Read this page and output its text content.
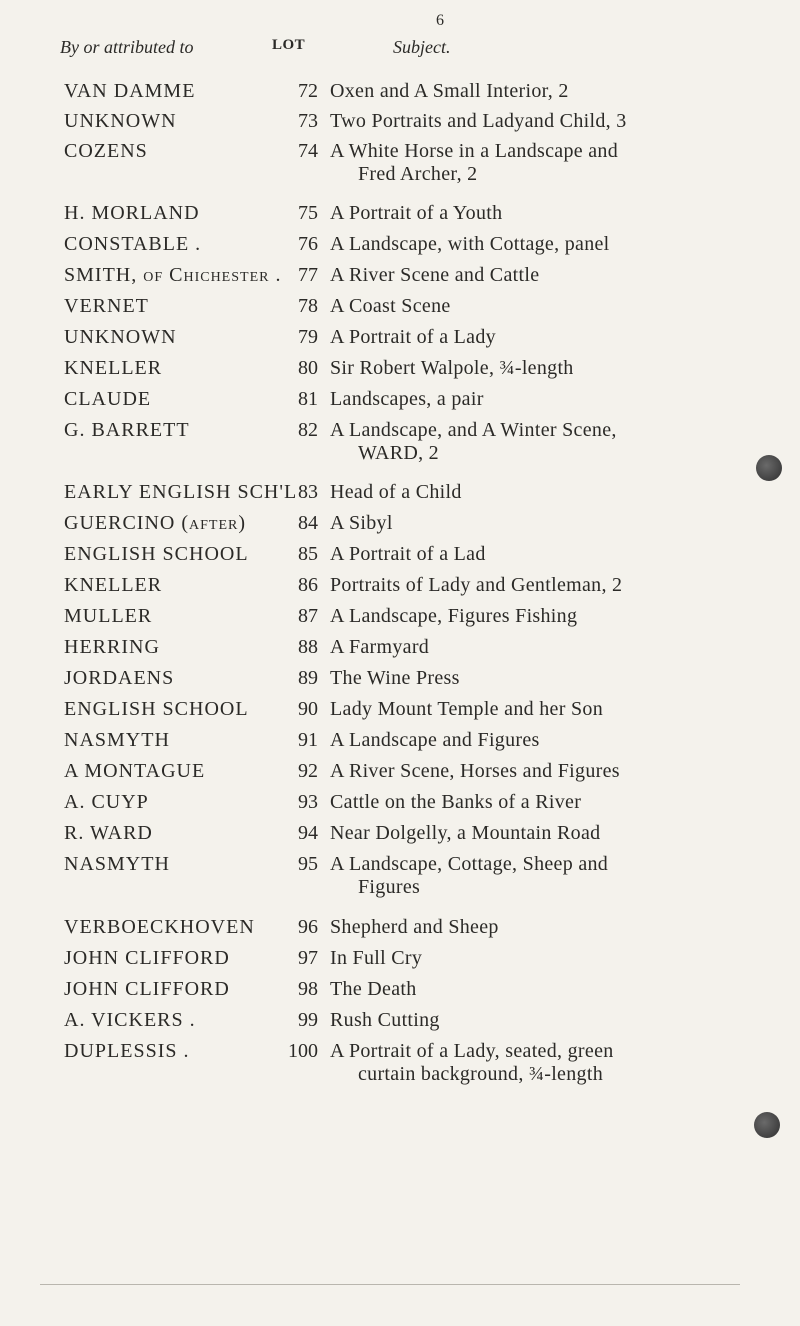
6
By or attributed to	LOT	Subject.
VAN DAMME	72 Oxen and A Small Interior, 2
UNKNOWN	73 Two Portraits and Ladyand Child, 3
COZENS	74 A White Horse in a Landscape and
Fred Archer, 2
H. MORLAND	75 A Portrait of a Youth
CONSTABLE .	76 A Landscape, with Cottage, panel
SMITH, of Chichester . 77 A River Scene and Cattle
VERNET	78 A Coast Scene
UNKNOWN	79 A Portrait of a Lady
KNELLER	80 Sir Robert Walpole, ¾-length
CLAUDE	81 Landscapes, a pair
G. BARRETT	82 A Landscape, and A Winter Scene,
WARD, 2
EARLY ENGLISH SCH'L 83 Head of a Child
GUERCINO (after)	84 A Sibyl
ENGLISH SCHOOL	85 A Portrait of a Lad
KNELLER	86 Portraits of Lady and Gentleman, 2
MULLER	87 A Landscape, Figures Fishing
HERRING	88 A Farmyard
JORDAENS	89 The Wine Press
ENGLISH SCHOOL	90 Lady Mount Temple and her Son
NASMYTH	91 A Landscape and Figures
A MONTAGUE	92 A River Scene, Horses and Figures
A. CUYP	93 Cattle on the Banks of a River
R. WARD	94 Near Dolgelly, a Mountain Road
NASMYTH	95 A Landscape, Cottage, Sheep and
Figures
VERBOECKHOVEN	96 Shepherd and Sheep
JOHN CLIFFORD	97 In Full Cry
JOHN CLIFFORD	98 The Death
A. VICKERS .	99 Rush Cutting
DUPLESSIS .	100 A Portrait of a Lady, seated, green
curtain background, ¾-length
